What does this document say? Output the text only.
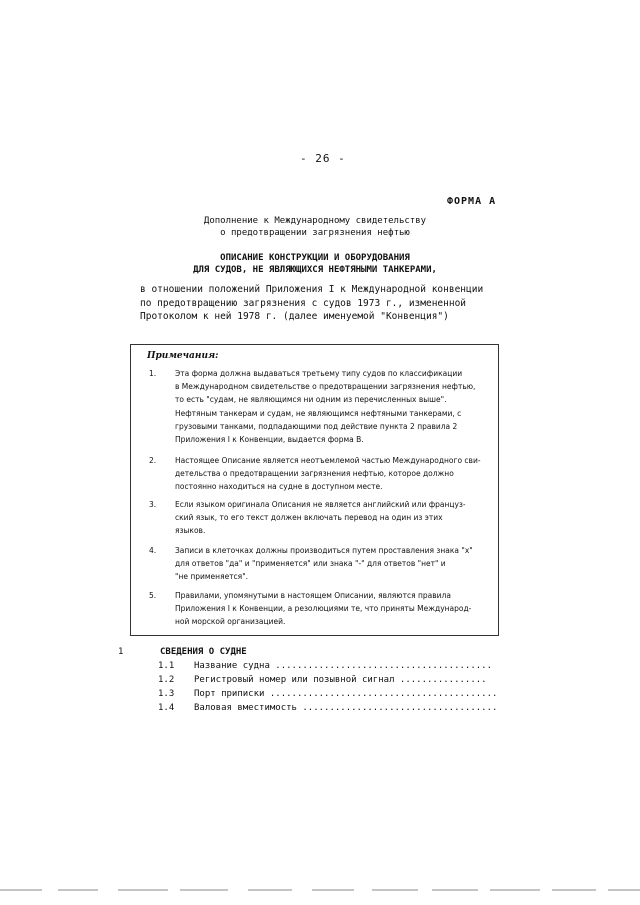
- 26 -
ФОРМА А
Дополнение к Международному свидетельству
о предотвращении загрязнения нефтью
ОПИСАНИЕ КОНСТРУКЦИИ И ОБОРУДОВАНИЯ
ДЛЯ СУДОВ, НЕ ЯВЛЯЮЩИХСЯ НЕФТЯНЫМИ ТАНКЕРАМИ,
в отношении положений Приложения I к Международной конвенции
по предотвращению загрязнения с судов 1973 г., измененной
Протоколом к ней 1978 г. (далее именуемой "Конвенция")
Примечания:
1.	Эта форма должна выдаваться третьему типу судов по классификации
в Международном свидетельстве о предотвращении загрязнения нефтью,
то есть "судам, не являющимся ни одним из перечисленных выше".
Нефтяным танкерам и судам, не являющимся нефтяными танкерами, с
грузовыми танками, подпадающими под действие пункта 2 правила 2
Приложения I к Конвенции, выдается форма B.
2.	Настоящее Описание является неотъемлемой частью Международного сви-
детельства о предотвращении загрязнения нефтью, которое должно
постоянно находиться на судне в доступном месте.
3.	Если языком оригинала Описания не является английский или француз-
ский язык, то его текст должен включать перевод на один из этих
языков.
4.	Записи в клеточках должны производиться путем проставления знака "x"
для ответов "да" и "применяется" или знака "-" для ответов "нет" и
"не применяется".
5.	Правилами, упомянутыми в настоящем Описании, являются правила
Приложения I к Конвенции, а резолюциями те, что приняты Международ-
ной морской организацией.
1	СВЕДЕНИЯ О СУДНЕ
1.1 Название судна ........................................
1.2 Регистровый номер или позывной сигнал ................
1.3 Порт приписки ..........................................
1.4 Валовая вместимость ....................................
